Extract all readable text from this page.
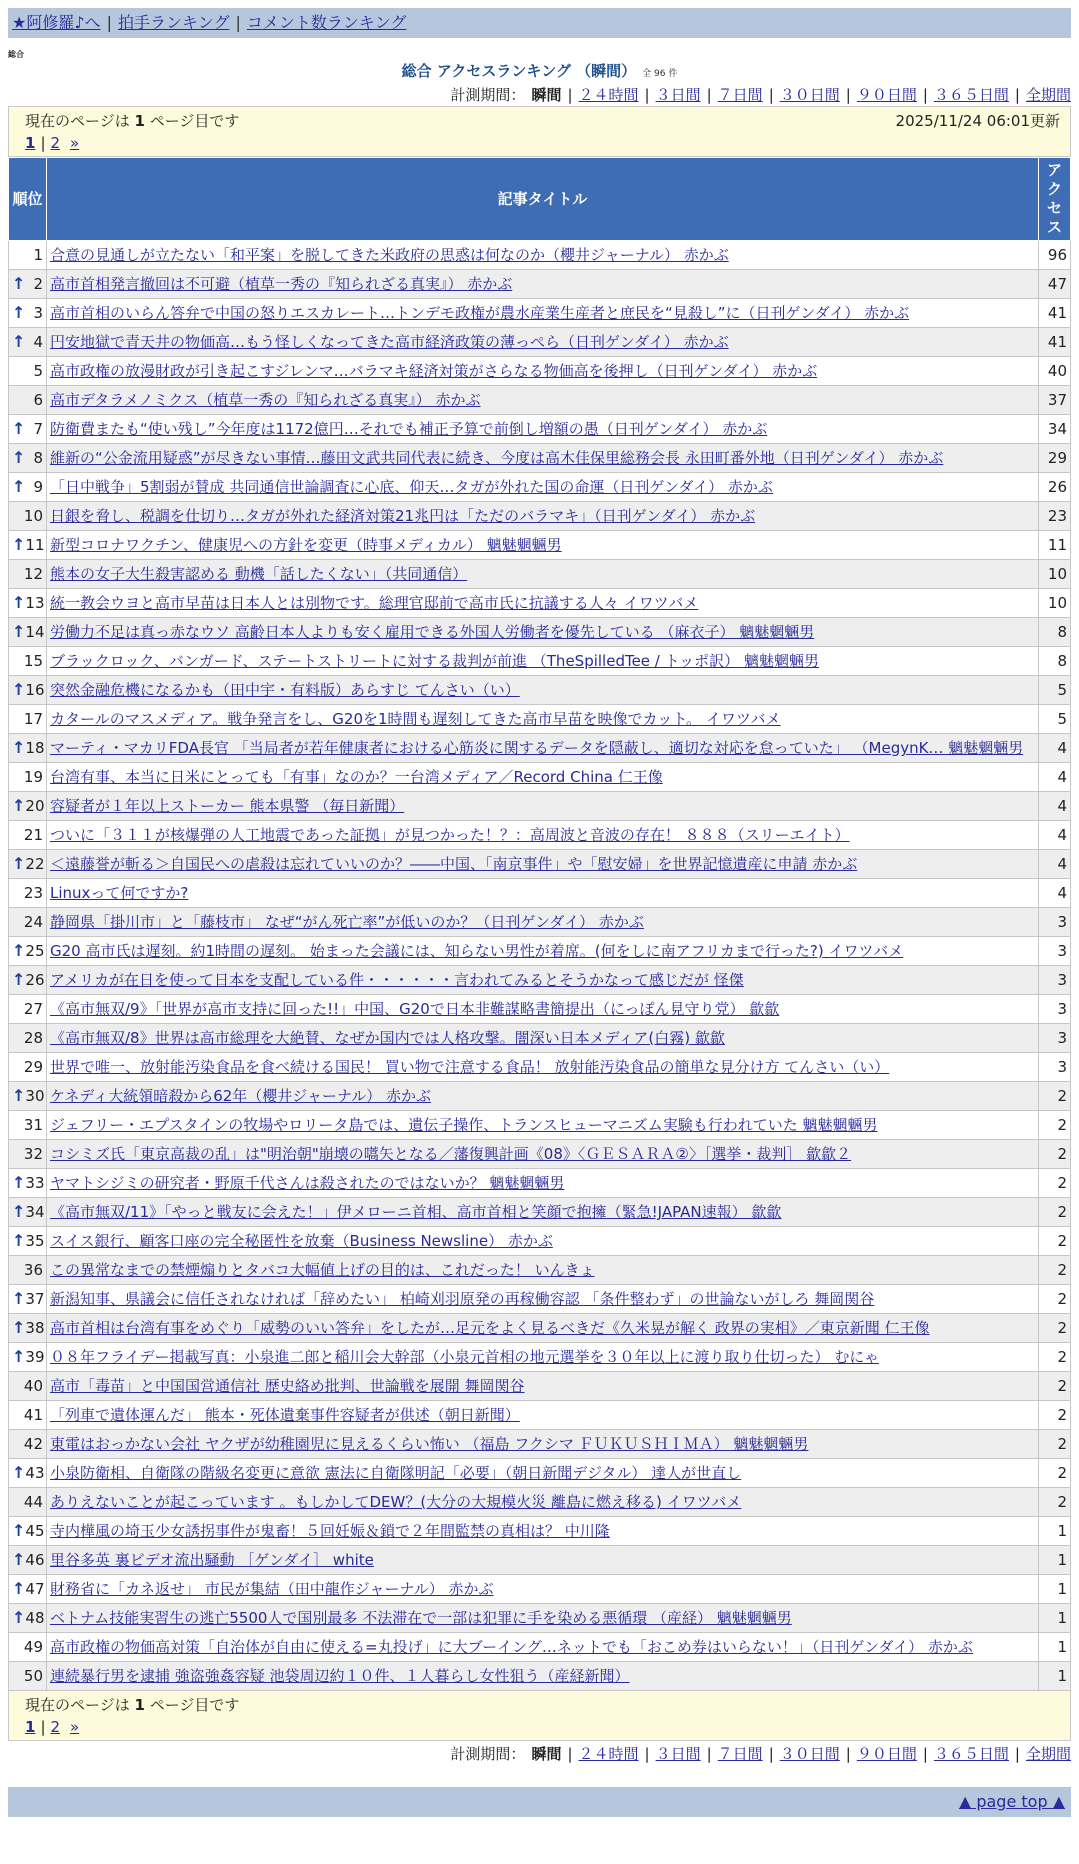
★阿修羅♪へ | 拍手ランキング | コメント数ランキング
総合
総合 アクセスランキング （瞬間） 全 96 件
計測期間： 瞬間 | ２４時間 | ３日間 | ７日間 | ３０日間 | ９０日間 | ３６５日間 | 全期間
現在のページは 1 ページ目です	2025/11/24 06:01更新
1 | 2 »
順位	記事タイトル	アクセス
1	合意の見通しが立たない「和平案」を脱してきた米政府の思惑は何なのか（櫻井ジャーナル） 赤かぶ	96

↑ 2	高市首相発言撤回は不可避（植草一秀の『知られざる真実』） 赤かぶ	47

↑ 3	高市首相のいらん答弁で中国の怒りエスカレート…トンデモ政権が農水産業生産者と庶民を“見殺し”に（日刊ゲンダイ） 赤かぶ	41

↑ 4	円安地獄で青天井の物価高…もう怪しくなってきた高市経済政策の薄っぺら（日刊ゲンダイ） 赤かぶ	41
5	高市政権の放漫財政が引き起こすジレンマ…バラマキ経済対策がさらなる物価高を後押し（日刊ゲンダイ） 赤かぶ	40
6	高市デタラメノミクス（植草一秀の『知られざる真実』） 赤かぶ	37

↑ 7	防衛費またも“使い残し”今年度は1172億円…それでも補正予算で前倒し増額の愚（日刊ゲンダイ） 赤かぶ	34

↑ 8	維新の“公金流用疑惑”が尽きない事情…藤田文武共同代表に続き、今度は高木佳保里総務会長 永田町番外地（日刊ゲンダイ） 赤かぶ	29

↑ 9	「日中戦争」5割弱が賛成 共同通信世論調査に心底、仰天…タガが外れた国の命運（日刊ゲンダイ） 赤かぶ	26
10	日銀を脅し、税調を仕切り…タガが外れた経済対策21兆円は「ただのバラマキ」（日刊ゲンダイ） 赤かぶ	23

↑ 11	新型コロナワクチン、健康児への方針を変更（時事メディカル） 魑魅魍魎男	11
12	熊本の女子大生殺害認める 動機「話したくない」（共同通信）	10

↑ 13	統一教会ウヨと高市早苗は日本人とは別物です。総理官邸前で高市氏に抗議する人々 イワツバメ	10

↑ 14	労働力不足は真っ赤なウソ 高齢日本人よりも安く雇用できる外国人労働者を優先している （麻衣子） 魑魅魍魎男	8
15	ブラックロック、バンガード、ステートストリートに対する裁判が前進 （TheSpilledTee / トッポ訳） 魑魅魍魎男	8

↑ 16	突然金融危機になるかも（田中宇・有料版）あらすじ てんさい（い）	5
17	カタールのマスメディア。戦争発言をし、G20を1時間も遅刻してきた高市早苗を映像でカット。 イワツバメ	5

↑ 18	マーティ・マカリFDA長官 「当局者が若年健康者における心筋炎に関するデータを隠蔽し、適切な対応を怠っていた」 （MegynK… 魑魅魍魎男	4
19	台湾有事、本当に日米にとっても「有事」なのか？一台湾メディア／Record China 仁王像	4

↑ 20	容疑者が１年以上ストーカー 熊本県警 （毎日新聞）	4
21	ついに「３１１が核爆弾の人工地震であった証拠」が見つかった！？：高周波と音波の存在！ ８８８（スリーエイト）	4

↑ 22	＜遠藤誉が斬る＞自国民への虐殺は忘れていいのか？――中国、「南京事件」や「慰安婦」を世界記憶遺産に申請 赤かぶ	4
23	Linuxって何ですか?	4
24	静岡県「掛川市」と「藤枝市」 なぜ“がん死亡率”が低いのか？（日刊ゲンダイ） 赤かぶ	3

↑ 25	G20 高市氏は遅刻。約1時間の遅刻。 始まった会議には、知らない男性が着席。(何をしに南アフリカまで行った?) イワツバメ	3

↑ 26	アメリカが在日を使って日本を支配している件・・・・・・言われてみるとそうかなって感じだが 怪傑	3
27	《高市無双/9》「世界が高市支持に回った!!」中国、G20で日本非難謀略書簡提出（にっぽん見守り党） 歙歙	3
28	《高市無双/8》世界は高市総理を大絶賛、なぜか国内では人格攻撃。闇深い日本メディア(白霧) 歙歙	3
29	世界で唯一、放射能汚染食品を食べ続ける国民！ 買い物で注意する食品！ 放射能汚染食品の簡単な見分け方 てんさい（い）	3

↑ 30	ケネディ大統領暗殺から62年（櫻井ジャーナル） 赤かぶ	2
31	ジェフリー・エプスタインの牧場やロリータ島では、遺伝子操作、トランスヒューマニズム実験も行われていた 魑魅魍魎男	2
32	コシミズ氏「東京高裁の乱」は"明治朝"崩壊の嚆矢となる／藩復興計画《08》〈ＧＥＳＡＲＡ②〉［選挙・裁判］ 歙歙２	2

↑ 33	ヤマトシジミの研究者・野原千代さんは殺されたのではないか？ 魑魅魍魎男	2

↑ 34	《高市無双/11》「やっと戦友に会えた！」伊メローニ首相、高市首相と笑顔で抱擁（緊急!JAPAN速報） 歙歙	2

↑ 35	スイス銀行、顧客口座の完全秘匿性を放棄（Business Newsline） 赤かぶ	2
36	この異常なまでの禁煙煽りとタバコ大幅値上げの目的は、これだった！ いんきょ	2

↑ 37	新潟知事、県議会に信任されなければ「辞めたい」 柏崎刈羽原発の再稼働容認 「条件整わず」の世論ないがしろ 舞岡関谷	2

↑ 38	高市首相は台湾有事をめぐり「威勢のいい答弁」をしたが…足元をよく見るべきだ《久米晃が解く 政界の実相》／東京新聞 仁王像	2

↑ 39	０８年フライデー掲載写真：小泉進二郎と稲川会大幹部（小泉元首相の地元選挙を３０年以上に渡り取り仕切った） むにゃ	2
40	高市「毒苗」と中国国営通信社 歴史絡め批判、世論戦を展開 舞岡関谷	2
41	「列車で遺体運んだ」 熊本・死体遺棄事件容疑者が供述（朝日新聞）	2
42	東電はおっかない会社 ヤクザが幼稚園児に見えるくらい怖い （福島 フクシマ ＦＵＫＵＳＨＩＭＡ） 魑魅魍魎男	2

↑ 43	小泉防衛相、自衛隊の階級名変更に意欲 憲法に自衛隊明記「必要」（朝日新聞デジタル） 達人が世直し	2
44	ありえないことが起こっています 。もしかしてDEW？(大分の大規模火災 離島に燃え移る) イワツバメ	2

↑ 45	寺内樺風の埼玉少女誘拐事件が鬼畜！５回妊娠＆鎖で２年間監禁の真相は？ 中川隆	1

↑ 46	里谷多英 裏ビデオ流出騒動 ［ゲンダイ］ white	1

↑ 47	財務省に「カネ返せ」 市民が集結（田中龍作ジャーナル） 赤かぶ	1

↑ 48	ベトナム技能実習生の逃亡5500人で国別最多 不法滞在で一部は犯罪に手を染める悪循環 （産経） 魑魅魍魎男	1
49	高市政権の物価高対策「自治体が自由に使える=丸投げ」に大ブーイング…ネットでも「おこめ券はいらない！」（日刊ゲンダイ） 赤かぶ	1
50	連続暴行男を逮捕 強盗強姦容疑 池袋周辺約１０件、１人暮らし女性狙う（産経新聞）	1
現在のページは 1 ページ目です
1 | 2 »
計測期間： 瞬間 | ２４時間 | ３日間 | ７日間 | ３０日間 | ９０日間 | ３６５日間 | 全期間
▲ page top ▲
